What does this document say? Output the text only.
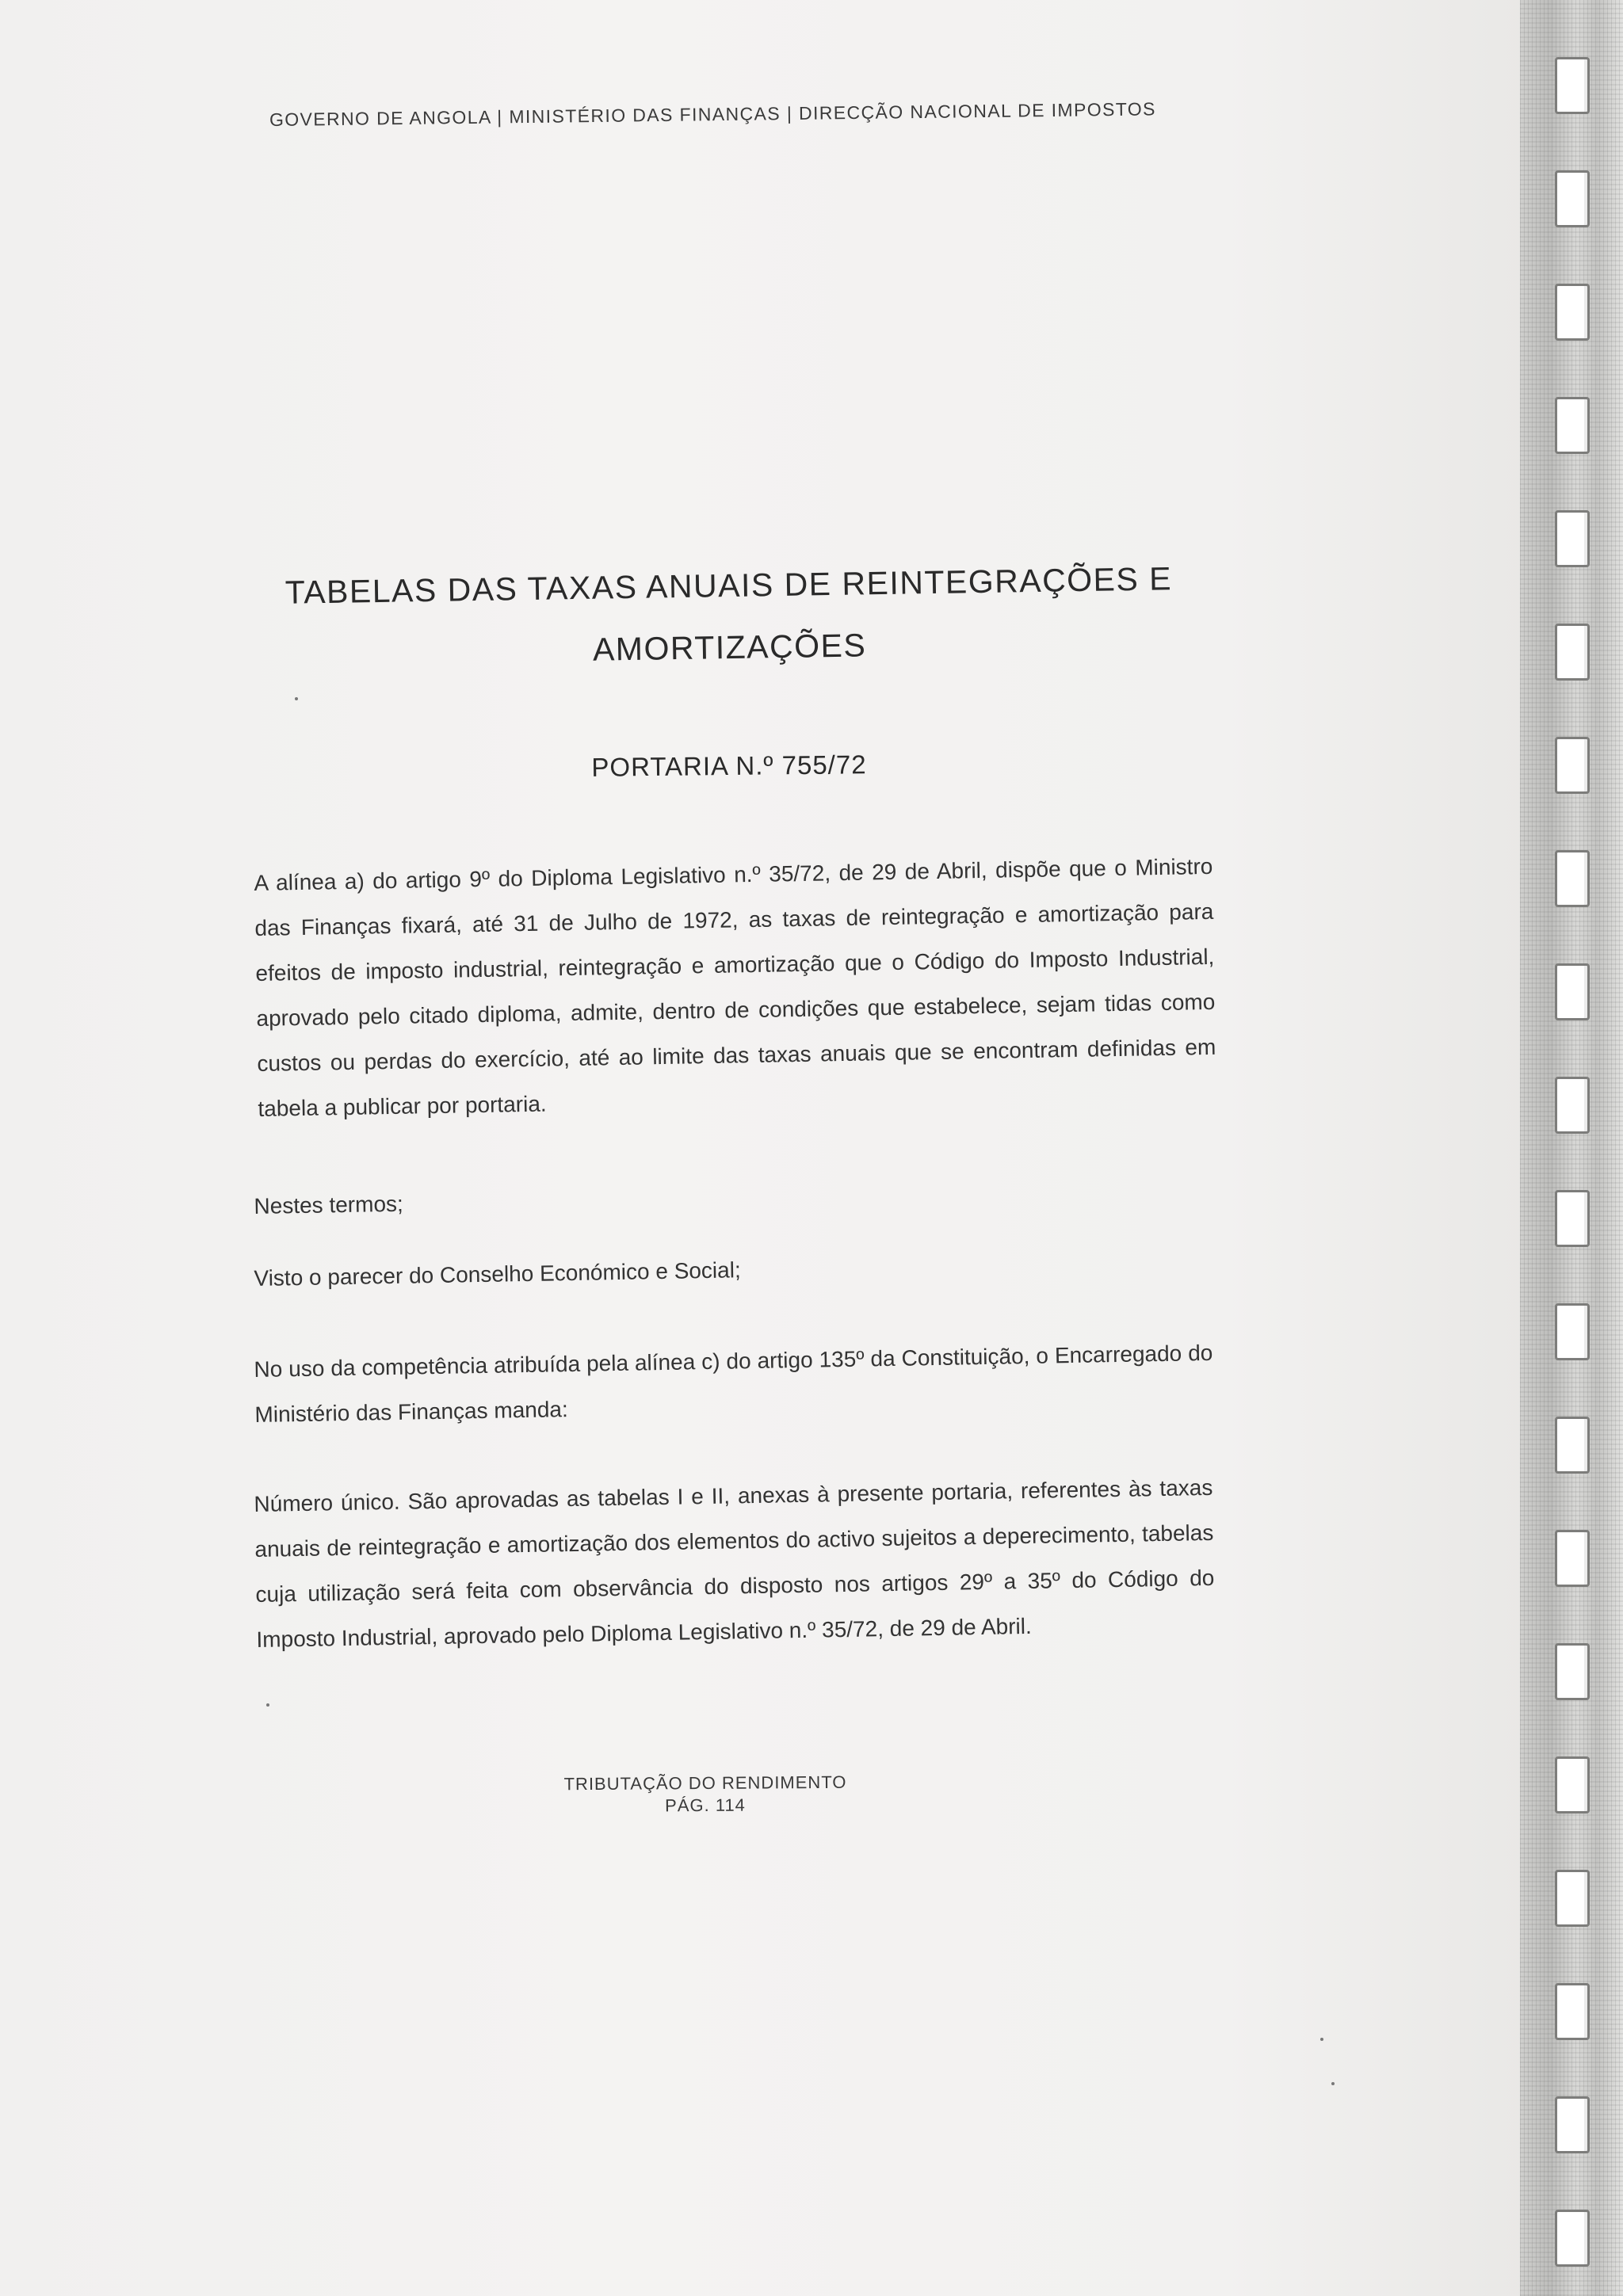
GOVERNO DE ANGOLA | MINISTÉRIO DAS FINANÇAS | DIRECÇÃO NACIONAL DE IMPOSTOS
TABELAS DAS TAXAS ANUAIS DE REINTEGRAÇÕES E
AMORTIZAÇÕES
PORTARIA N.º 755/72
A alínea a) do artigo 9º do Diploma Legislativo n.º 35/72, de 29 de Abril, dispõe que o Ministro das Finanças fixará, até 31 de Julho de 1972, as taxas de reintegração e amortização para efeitos de imposto industrial, reintegração e amortização que o Código do Imposto Industrial, aprovado pelo citado diploma, admite, dentro de condições que estabelece, sejam tidas como custos ou perdas do exercício, até ao limite das taxas anuais que se encontram definidas em tabela a publicar por portaria.
Nestes termos;
Visto o parecer do Conselho Económico e Social;
No uso da competência atribuída pela alínea c) do artigo 135º da Constituição, o Encarregado do Ministério das Finanças manda:
Número único. São aprovadas as tabelas I e II, anexas à presente portaria, referentes às taxas anuais de reintegração e amortização dos elementos do activo sujeitos a deperecimento, tabelas cuja utilização será feita com observância do disposto nos artigos 29º a 35º do Código do Imposto Industrial, aprovado pelo Diploma Legislativo n.º 35/72, de 29 de Abril.
TRIBUTAÇÃO DO RENDIMENTO
PÁG. 114
